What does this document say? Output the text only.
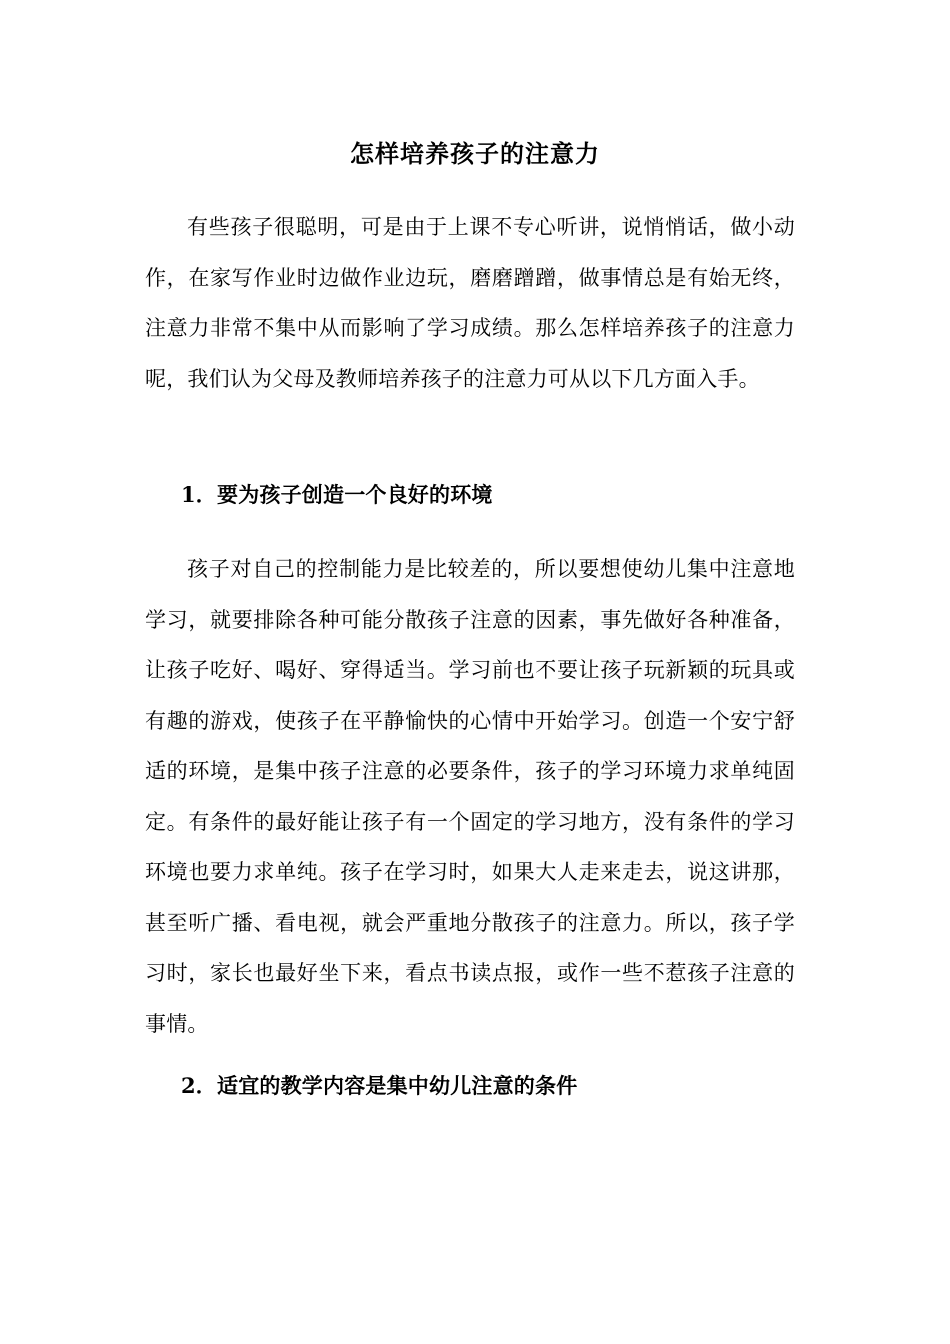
怎样培养孩子的注意力

有些孩子很聪明，可是由于上课不专心听讲，说悄悄话，做小动作，在家写作业时边做作业边玩，磨磨蹭蹭，做事情总是有始无终，注意力非常不集中从而影响了学习成绩。那么怎样培养孩子的注意力呢，我们认为父母及教师培养孩子的注意力可从以下几方面入手。

1．要为孩子创造一个良好的环境

孩子对自己的控制能力是比较差的，所以要想使幼儿集中注意地学习，就要排除各种可能分散孩子注意的因素，事先做好各种准备，让孩子吃好、喝好、穿得适当。学习前也不要让孩子玩新颖的玩具或有趣的游戏，使孩子在平静愉快的心情中开始学习。创造一个安宁舒适的环境，是集中孩子注意的必要条件，孩子的学习环境力求单纯固定。有条件的最好能让孩子有一个固定的学习地方，没有条件的学习环境也要力求单纯。孩子在学习时，如果大人走来走去，说这讲那，甚至听广播、看电视，就会严重地分散孩子的注意力。所以，孩子学习时，家长也最好坐下来，看点书读点报，或作一些不惹孩子注意的事情。

2．适宜的教学内容是集中幼儿注意的条件
